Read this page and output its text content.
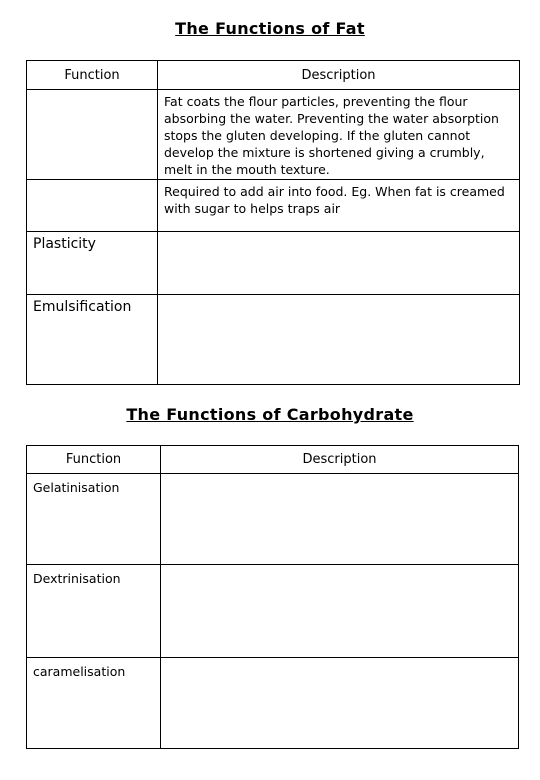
The Functions of Fat
Function	Description

	Fat coats the flour particles, preventing the flour absorbing the water. Preventing the water absorption stops the gluten developing. If the gluten cannot develop the mixture is shortened giving a crumbly, melt in the mouth texture.

	Required to add air into food. Eg. When fat is creamed with sugar to helps traps air

Plasticity	

Emulsification	

The Functions of Carbohydrate
Function	Description

Gelatinisation	

Dextrinisation	

caramelisation	
